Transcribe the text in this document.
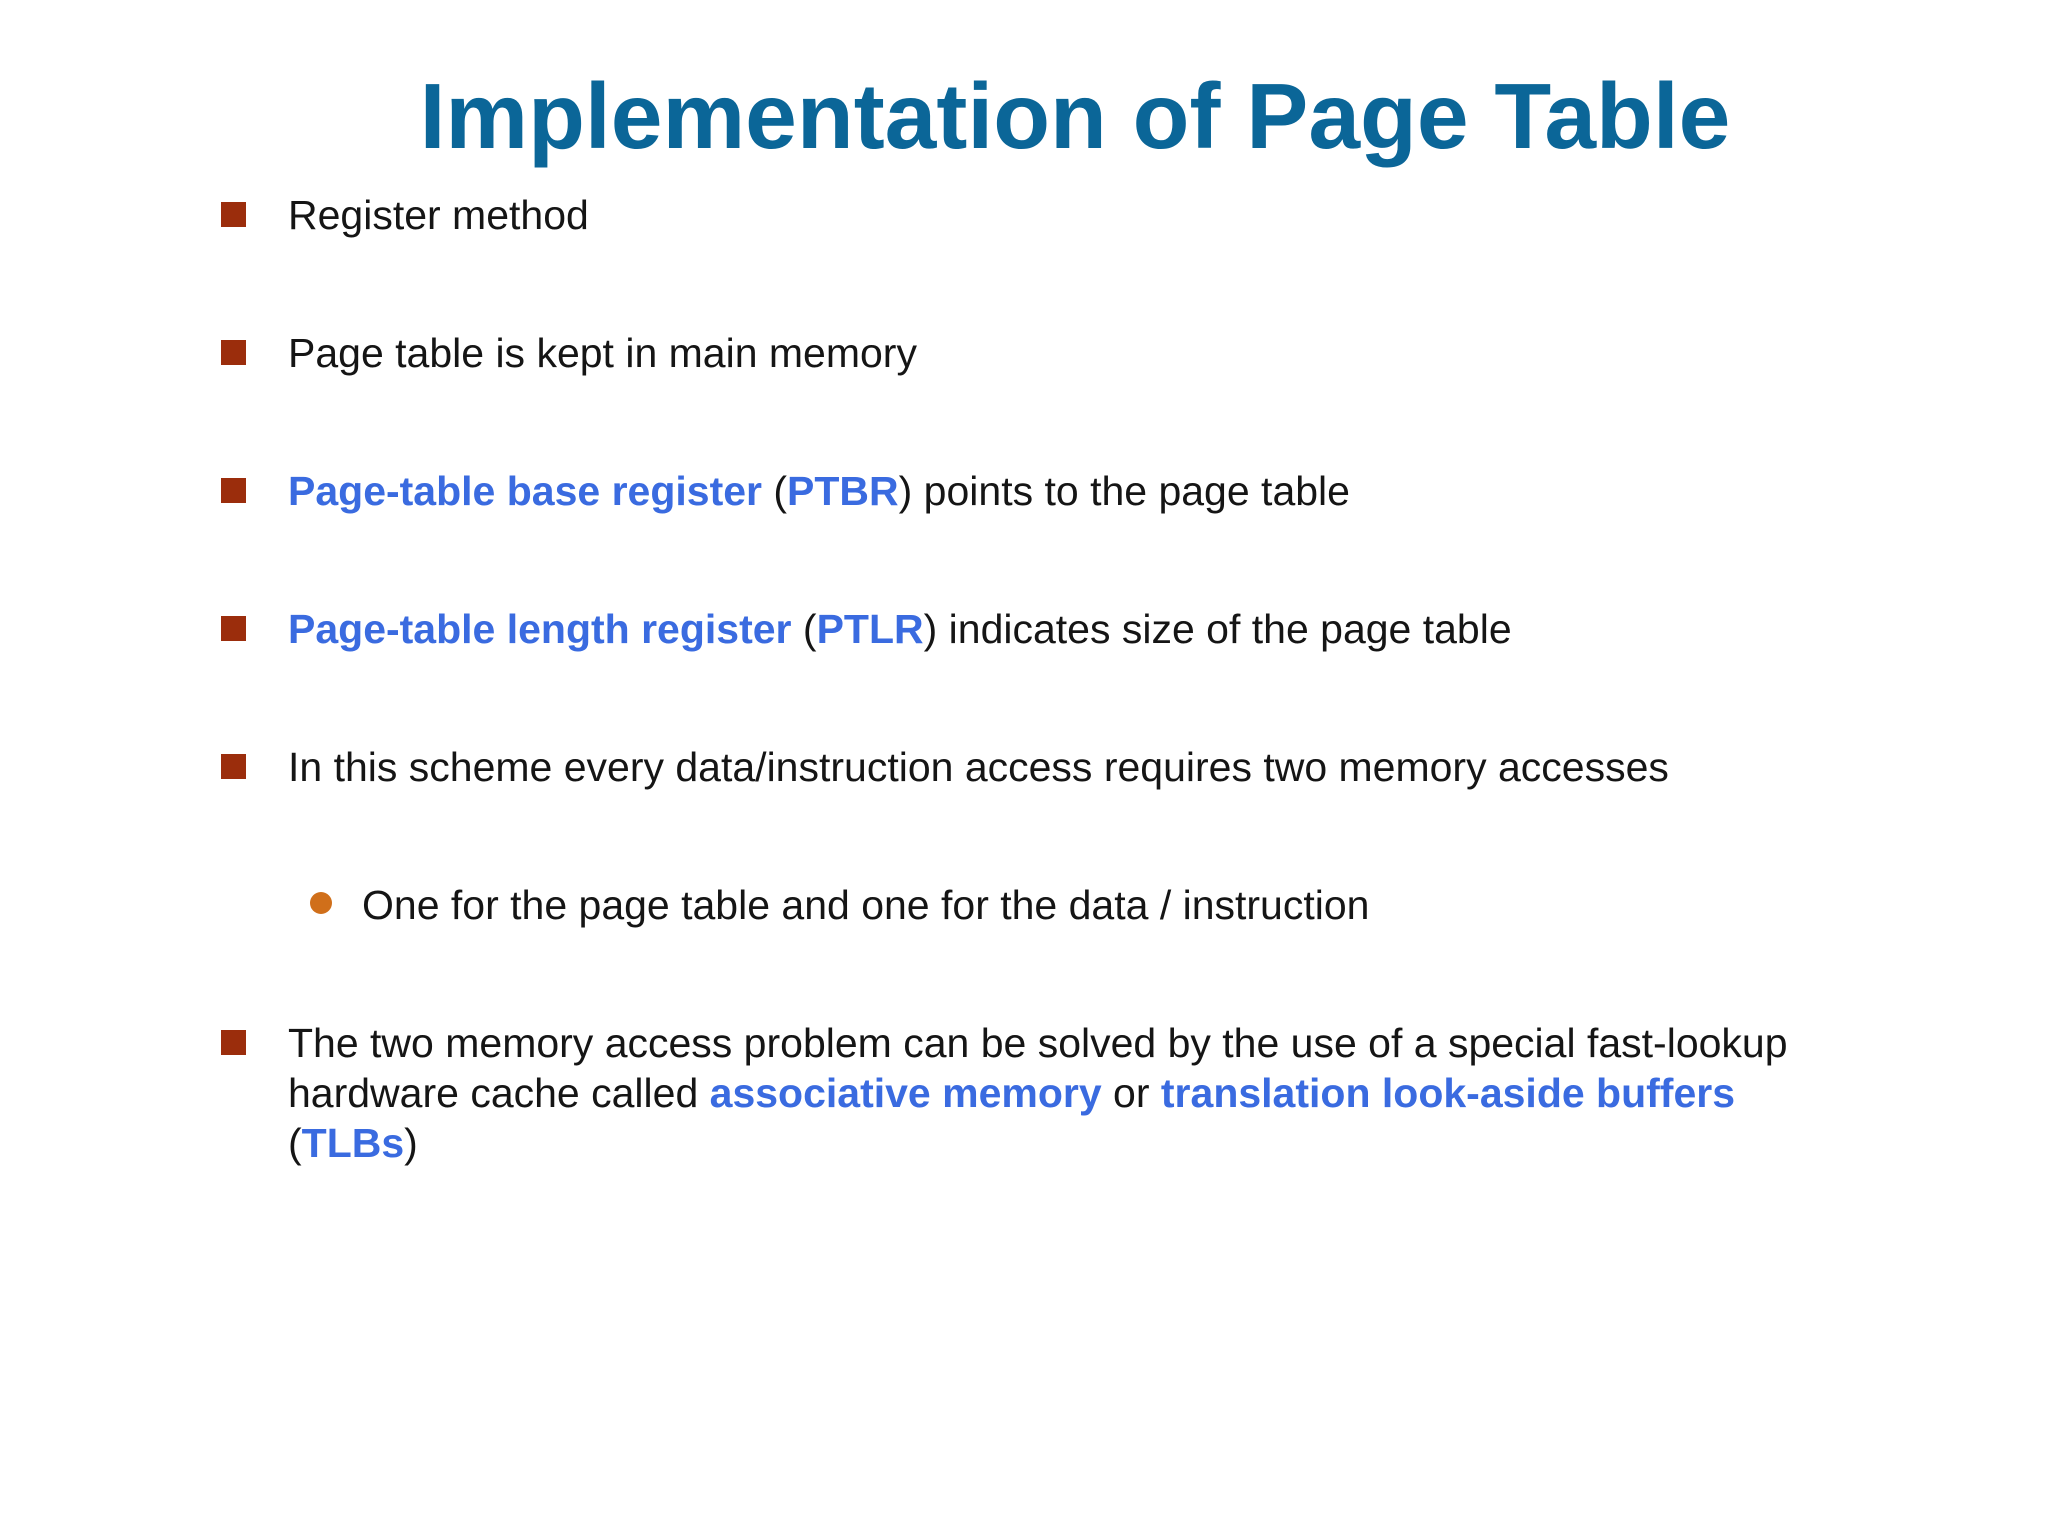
Implementation of Page Table
Register method
Page table is kept in main memory
Page-table base register (PTBR) points to the page table
Page-table length register (PTLR) indicates size of the page table
In this scheme every data/instruction access requires two memory accesses
One for the page table and one for the data / instruction
The two memory access problem can be solved by the use of a special fast-lookup hardware cache called associative memory or translation look-aside buffers (TLBs)
